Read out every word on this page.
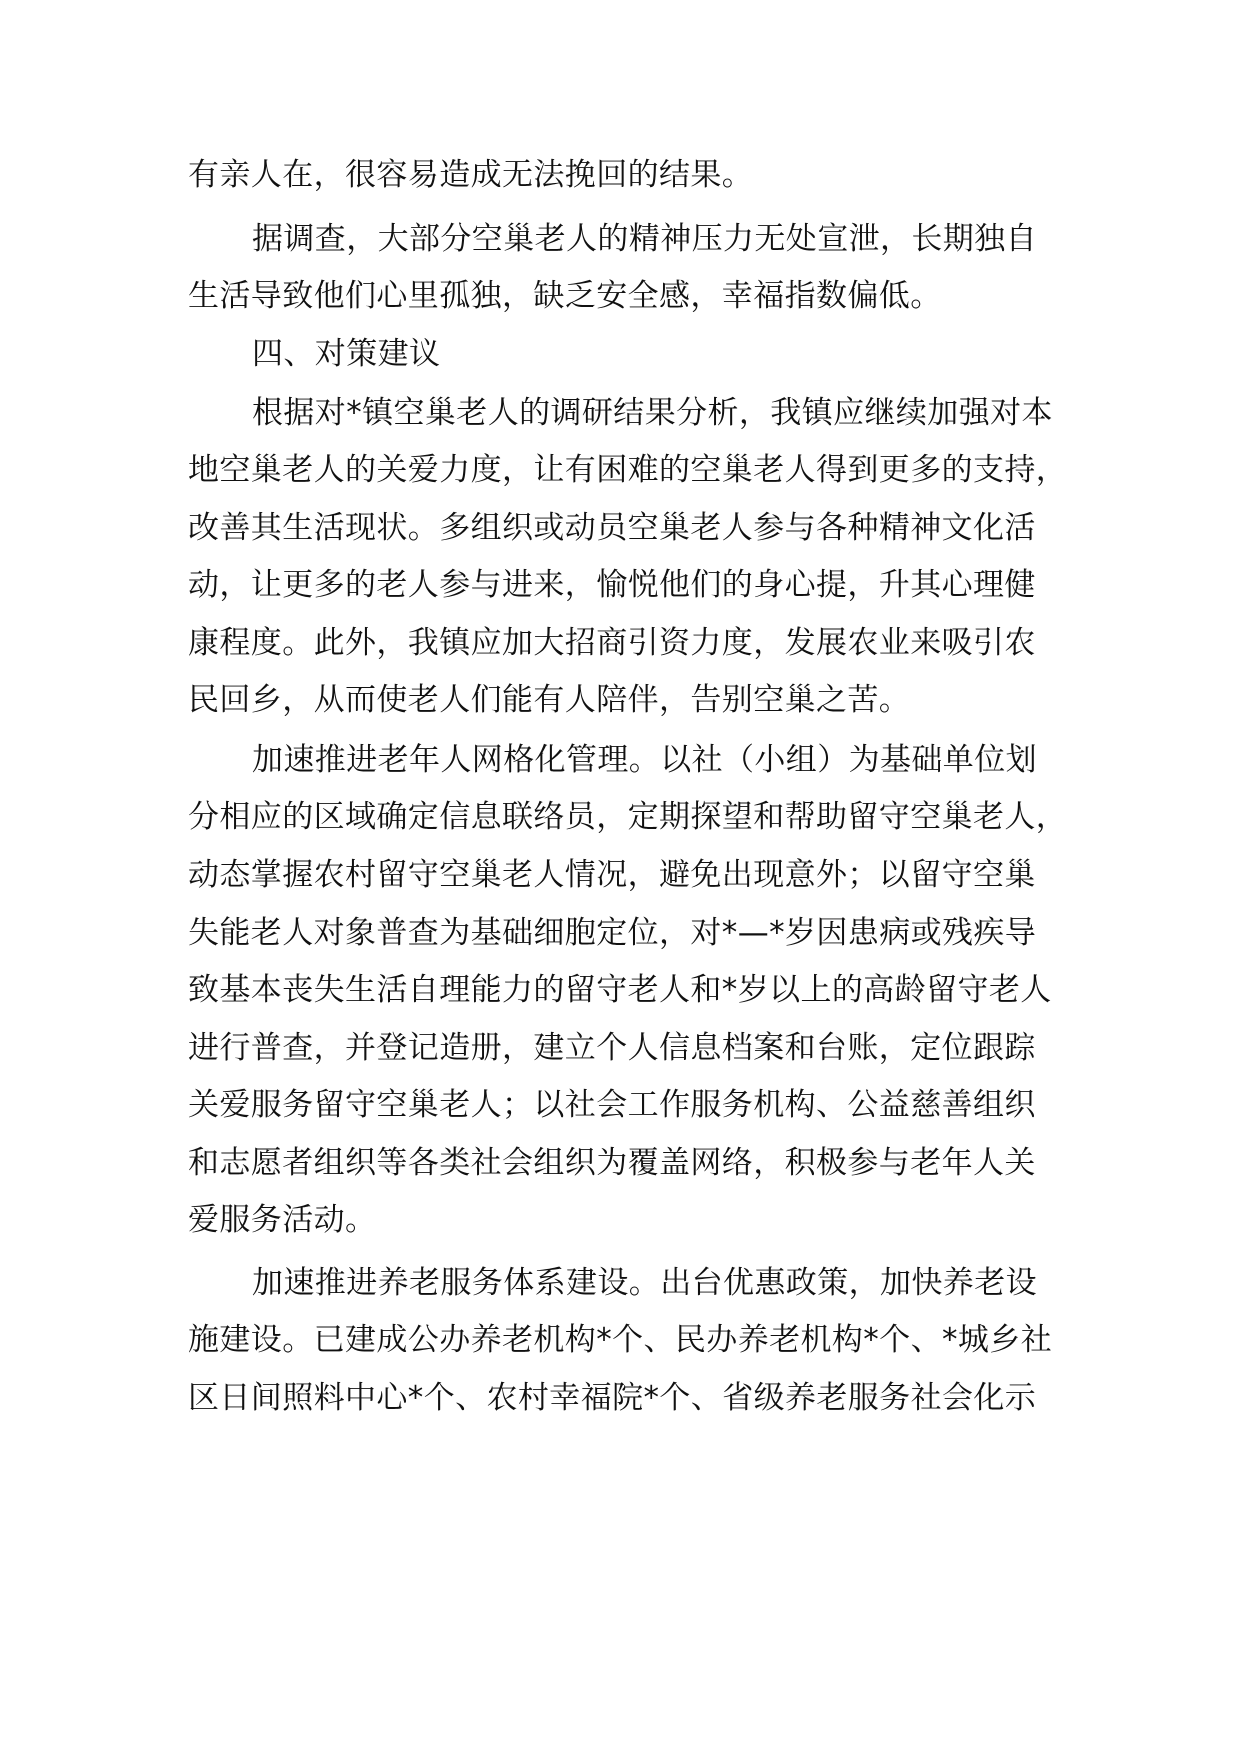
有亲人在，很容易造成无法挽回的结果。

据调查，大部分空巢老人的精神压力无处宣泄，长期独自

生活导致他们心里孤独，缺乏安全感，幸福指数偏低。

四、对策建议

根据对*镇空巢老人的调研结果分析，我镇应继续加强对本

地空巢老人的关爱力度，让有困难的空巢老人得到更多的支持，

改善其生活现状。多组织或动员空巢老人参与各种精神文化活

动，让更多的老人参与进来，愉悦他们的身心提，升其心理健

康程度。此外，我镇应加大招商引资力度，发展农业来吸引农

民回乡，从而使老人们能有人陪伴，告别空巢之苦。

加速推进老年人网格化管理。以社（小组）为基础单位划

分相应的区域确定信息联络员，定期探望和帮助留守空巢老人，

动态掌握农村留守空巢老人情况，避免出现意外；以留守空巢

失能老人对象普查为基础细胞定位，对*—*岁因患病或残疾导

致基本丧失生活自理能力的留守老人和*岁以上的高龄留守老人

进行普查，并登记造册，建立个人信息档案和台账，定位跟踪

关爱服务留守空巢老人；以社会工作服务机构、公益慈善组织

和志愿者组织等各类社会组织为覆盖网络，积极参与老年人关

爱服务活动。

加速推进养老服务体系建设。出台优惠政策，加快养老设

施建设。已建成公办养老机构*个、民办养老机构*个、*城乡社

区日间照料中心*个、农村幸福院*个、省级养老服务社会化示
